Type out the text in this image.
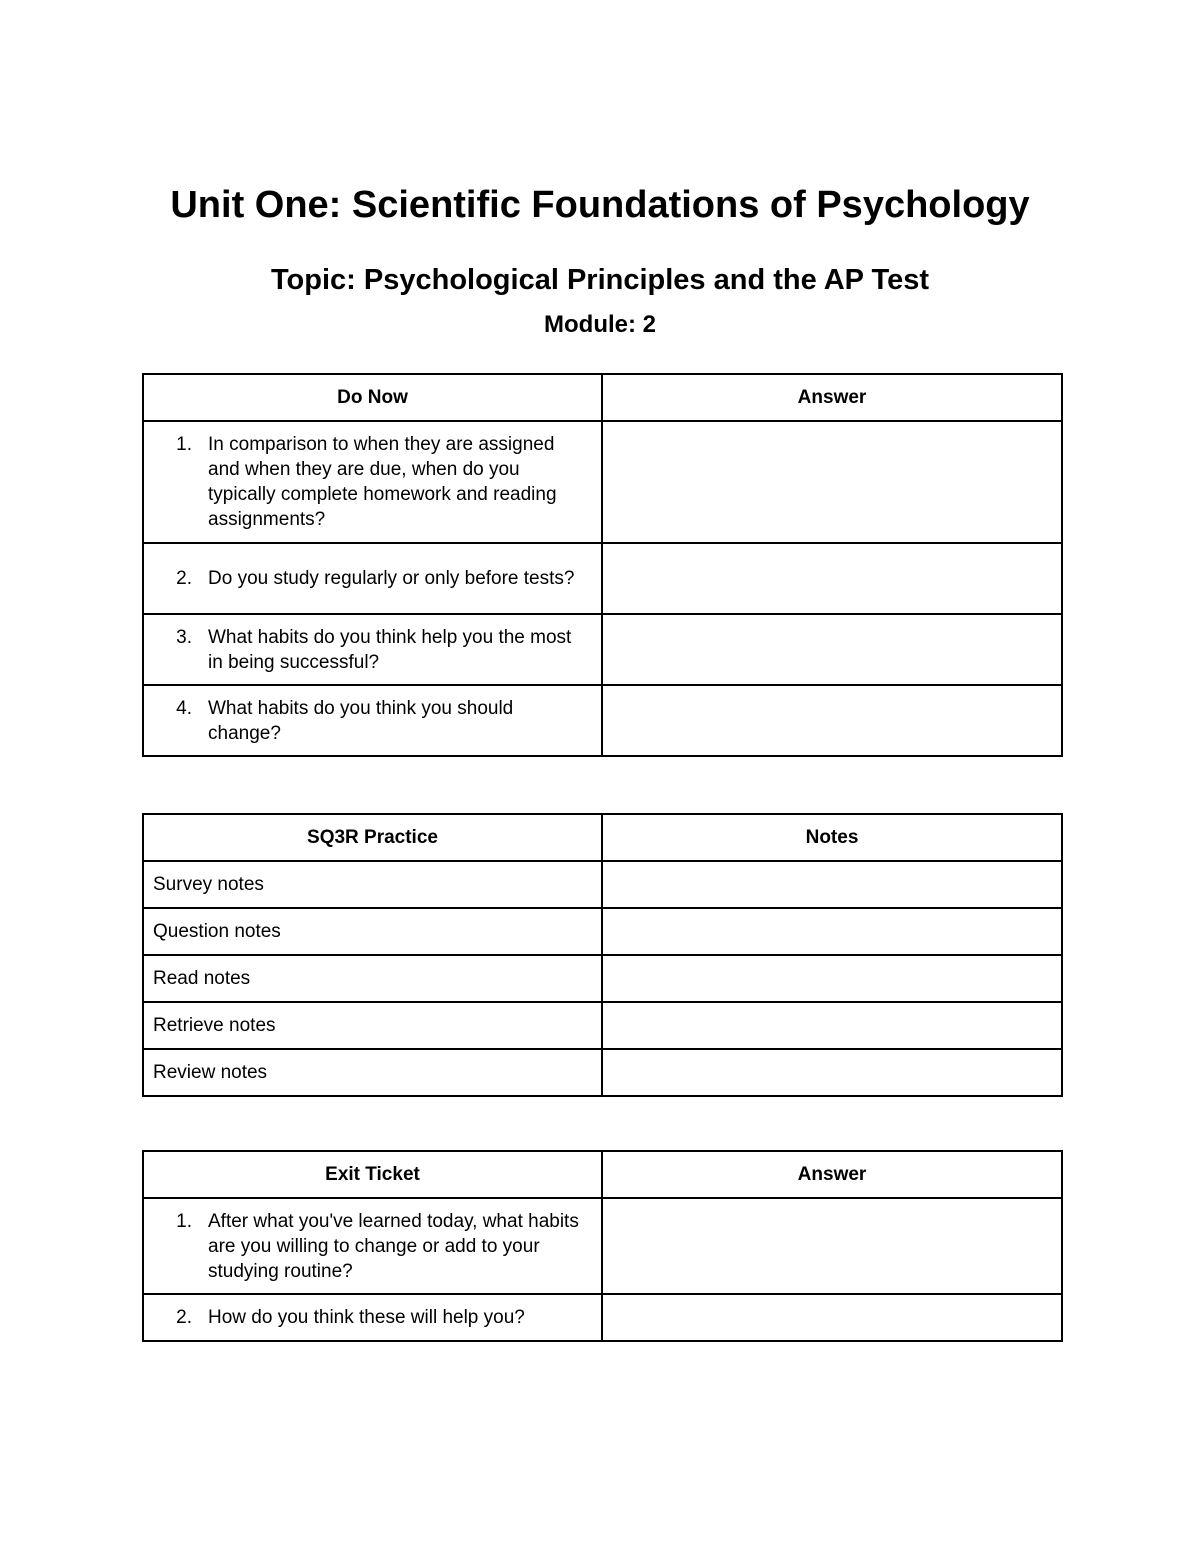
Unit One: Scientific Foundations of Psychology
Topic: Psychological Principles and the AP Test
Module: 2
Do Now	Answer

1. In comparison to when they are assigned and when they are due, when do you typically complete homework and reading assignments?	

2. Do you study regularly or only before tests?	

3. What habits do you think help you the most in being successful?	

4. What habits do you think you should change?	

SQ3R Practice	Notes
Survey notes	
Question notes	
Read notes	
Retrieve notes	
Review notes	
Exit Ticket	Answer

1. After what you've learned today, what habits are you willing to change or add to your studying routine?	

2. How do you think these will help you?	
